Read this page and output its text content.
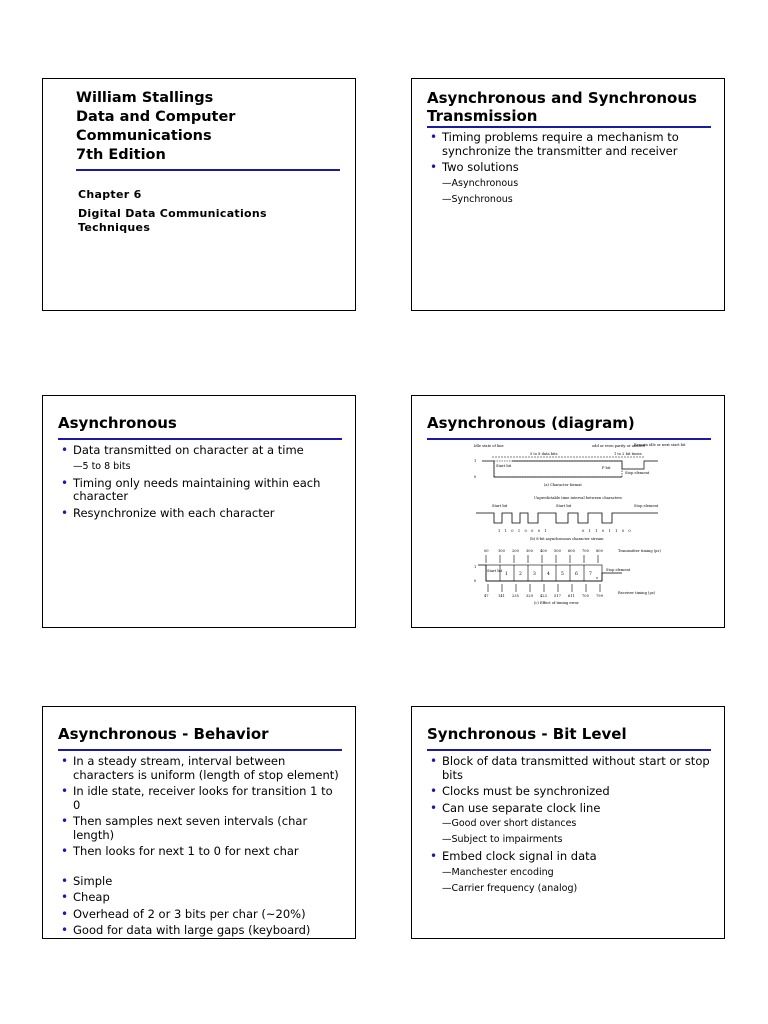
William Stallings
Data and Computer
Communications
7th Edition
Chapter 6
Digital Data Communications Techniques
Asynchronous and Synchronous Transmission
• Timing problems require a mechanism to synchronize the transmitter and receiver
• Two solutions
—Asynchronous
—Synchronous
Asynchronous
• Data transmitted on character at a time
—5 to 8 bits
• Timing only needs maintaining within each character
• Resynchronize with each character
Asynchronous (diagram)
Idle state of line
5 to 8 data bits
odd or even parity or unused
Remain idle or next start bit
1 to 2 bit times
1
0
Start bit	P bit
Stop element
(a) Character format
Unpredictable time interval between characters
Start bit	Start bit	Stop element
1 1 0 1 0 0 0 1	0 1 1 0 1 1 0 0
(b) 8-bit asynchronous character stream
00	100 200 300 400 500 600 700 800	Transmitter timing (μs)
1
0
Start bit
1 2 3 4 5 6 7
8
Stop element
47	141 235 329 423 517 611 705 799
Receiver timing (μs)
(c) Effect of timing error
Asynchronous - Behavior
• In a steady stream, interval between characters is uniform (length of stop element)
• In idle state, receiver looks for transition 1 to 0
• Then samples next seven intervals (char length)
• Then looks for next 1 to 0 for next char
• Simple
• Cheap
• Overhead of 2 or 3 bits per char (~20%)
• Good for data with large gaps (keyboard)
Synchronous - Bit Level
• Block of data transmitted without start or stop bits
• Clocks must be synchronized
• Can use separate clock line
—Good over short distances
—Subject to impairments
• Embed clock signal in data
—Manchester encoding
—Carrier frequency (analog)
